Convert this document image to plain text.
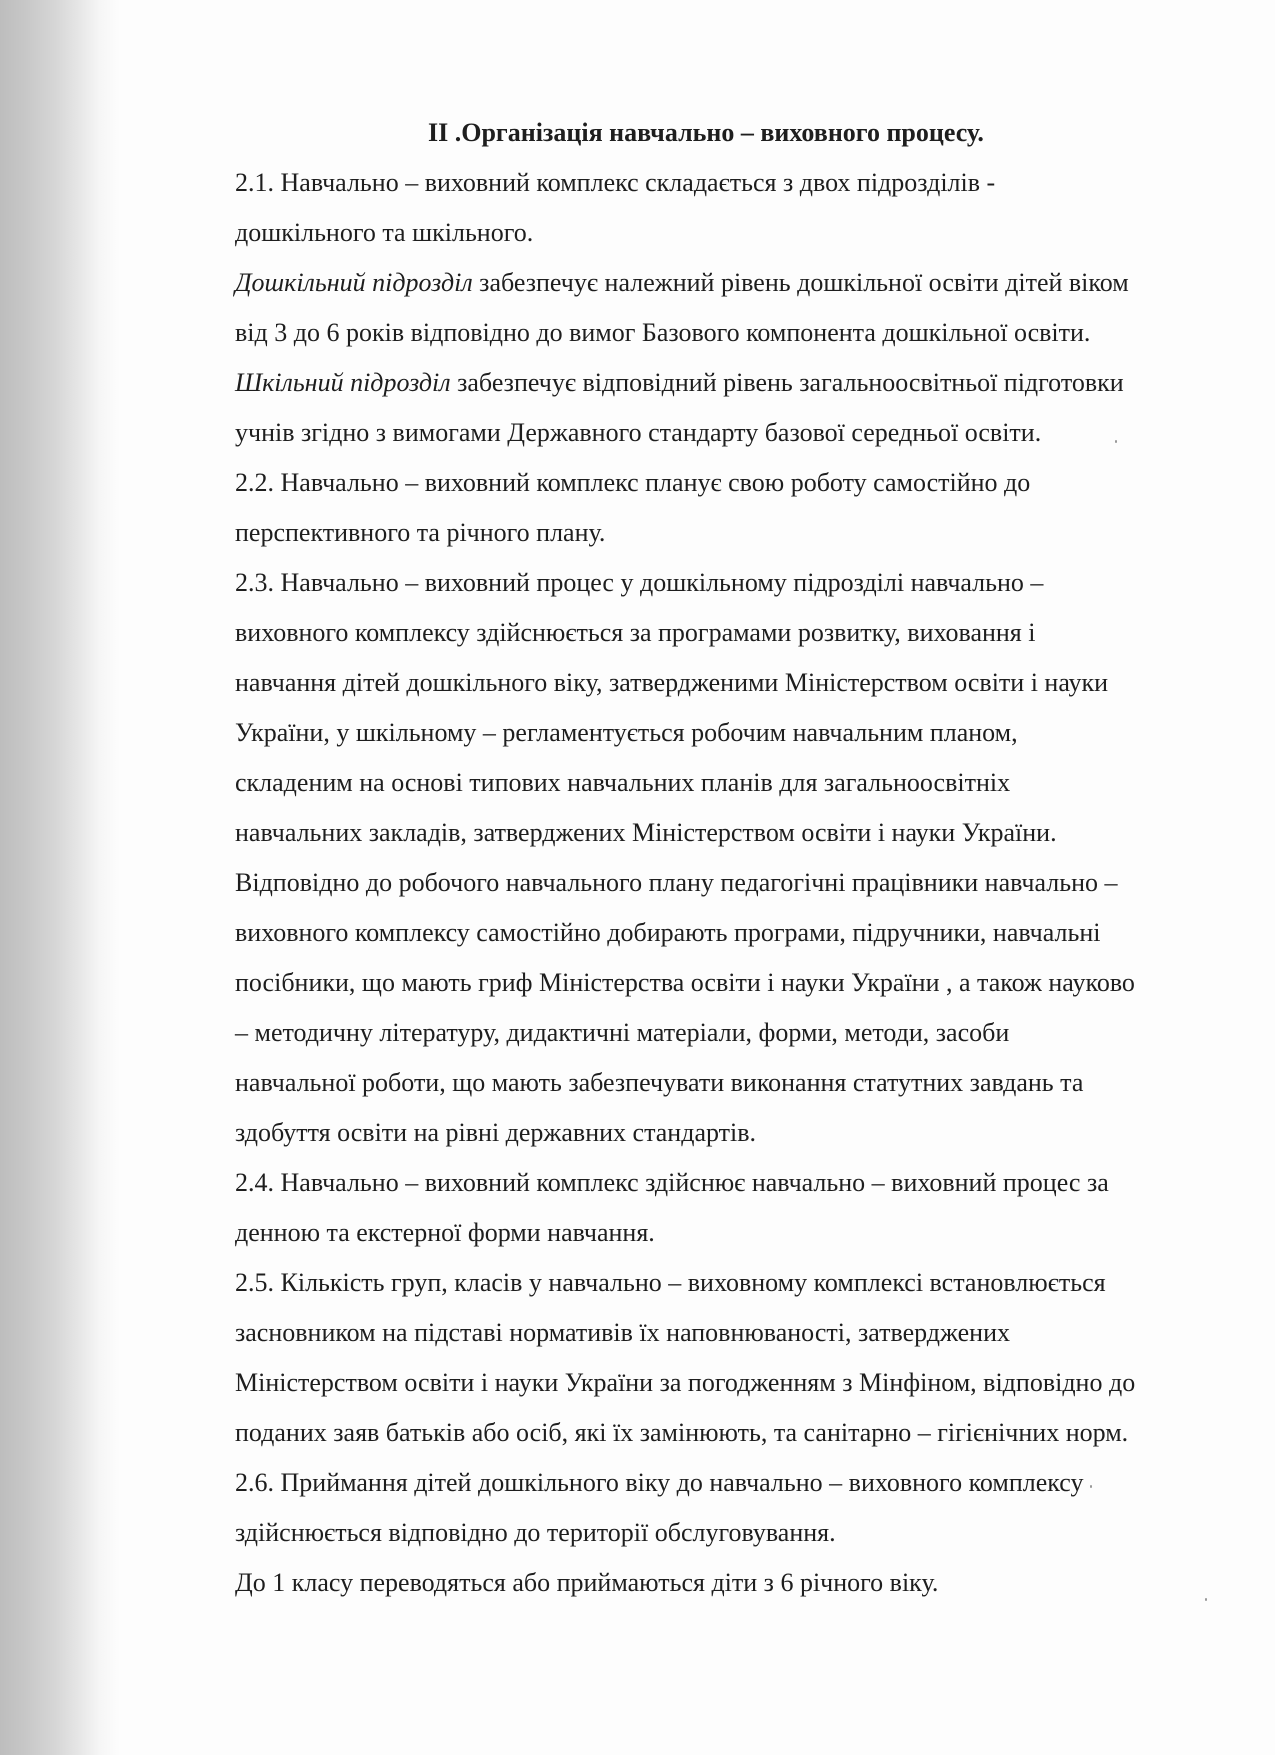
ІІ .Організація навчально – виховного процесу.

2.1. Навчально – виховний комплекс складається з двох підрозділів -

дошкільного та шкільного.

Дошкільний підрозділ забезпечує належний рівень дошкільної освіти дітей віком

від 3 до 6 років відповідно до вимог Базового компонента дошкільної освіти.

Шкільний підрозділ забезпечує відповідний рівень загальноосвітньої підготовки

учнів згідно з вимогами Державного стандарту базової середньої освіти.

2.2. Навчально – виховний комплекс планує свою роботу самостійно до

перспективного та річного плану.

2.3. Навчально – виховний процес у дошкільному підрозділі навчально –

виховного комплексу здійснюється за програмами розвитку, виховання і

навчання дітей дошкільного віку, затвердженими Міністерством освіти і науки

України, у шкільному – регламентується робочим навчальним планом,

складеним на основі типових навчальних планів для загальноосвітніх

навчальних закладів, затверджених Міністерством освіти і науки України.

Відповідно до робочого навчального плану педагогічні працівники навчально –

виховного комплексу самостійно добирають програми, підручники, навчальні

посібники, що мають гриф Міністерства освіти і науки України , а також науково

– методичну літературу, дидактичні матеріали, форми, методи, засоби

навчальної роботи, що мають забезпечувати виконання статутних завдань та

здобуття освіти на рівні державних стандартів.

2.4. Навчально – виховний комплекс здійснює навчально – виховний процес за

денною та екстерної форми навчання.

2.5. Кількість груп, класів у навчально – виховному комплексі встановлюється

засновником на підставі нормативів їх наповнюваності, затверджених

Міністерством освіти і науки України за погодженням з Мінфіном, відповідно до

поданих заяв батьків або осіб, які їх замінюють, та санітарно – гігієнічних норм.

2.6. Приймання дітей дошкільного віку до навчально – виховного комплексу

здійснюється відповідно до території обслуговування.

До 1 класу переводяться або приймаються діти з 6 річного віку.
